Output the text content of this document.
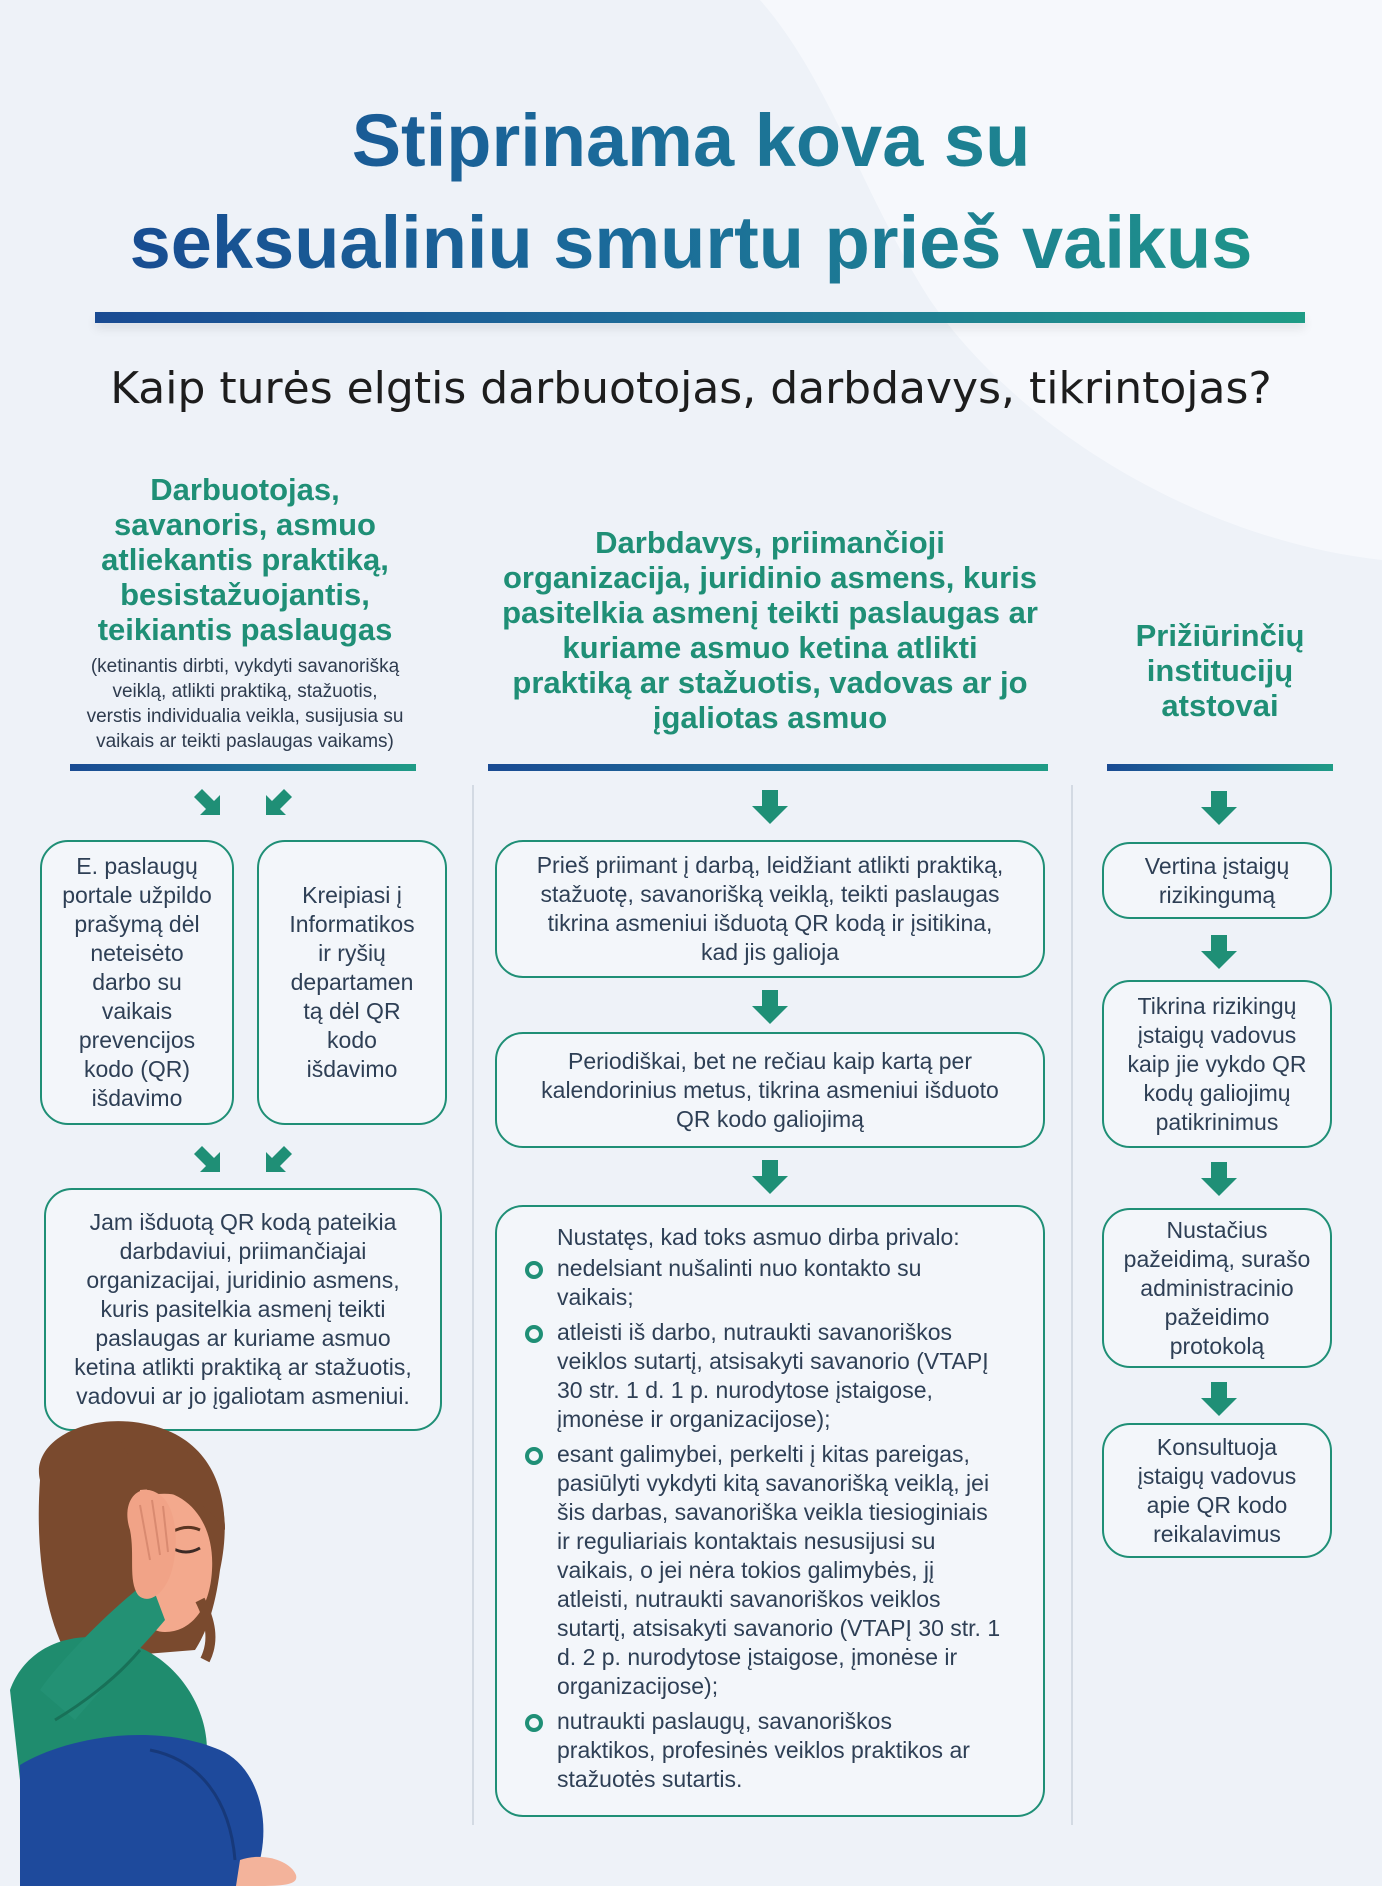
Stiprinama kova su
seksualiniu smurtu prieš vaikus
Kaip turės elgtis darbuotojas, darbdavys, tikrintojas?
Darbuotojas,
savanoris, asmuo
atliekantis praktiką,
besistažuojantis,
teikiantis paslaugas
(ketinantis dirbti, vykdyti savanorišką
veiklą, atlikti praktiką, stažuotis,
verstis individualia veikla, susijusia su
vaikais ar teikti paslaugas vaikams)
Darbdavys, priimančioji
organizacija, juridinio asmens, kuris
pasitelkia asmenį teikti paslaugas ar
kuriame asmuo ketina atlikti
praktiką ar stažuotis, vadovas ar jo
įgaliotas asmuo
Prižiūrinčių
institucijų
atstovai
E. paslaugų
portale užpildo
prašymą dėl
neteisėto
darbo su
vaikais
prevencijos
kodo (QR)
išdavimo
Kreipiasi į
Informatikos
ir ryšių
departamen
tą dėl QR
kodo
išdavimo
Jam išduotą QR kodą pateikia
darbdaviui, priimančiajai
organizacijai, juridinio asmens,
kuris pasitelkia asmenį teikti
paslaugas ar kuriame asmuo
ketina atlikti praktiką ar stažuotis,
vadovui ar jo įgaliotam asmeniui.
Prieš priimant į darbą, leidžiant atlikti praktiką,
stažuotę, savanorišką veiklą, teikti paslaugas
tikrina asmeniui išduotą QR kodą ir įsitikina,
kad jis galioja
Periodiškai, bet ne rečiau kaip kartą per
kalendorinius metus, tikrina asmeniui išduoto
QR kodo galiojimą
Nustatęs, kad toks asmuo dirba privalo:
nedelsiant nušalinti nuo kontakto su
vaikais;
atleisti iš darbo, nutraukti savanoriškos
veiklos sutartį, atsisakyti savanorio (VTAPĮ
30 str. 1 d. 1 p. nurodytose įstaigose,
įmonėse ir organizacijose);
esant galimybei, perkelti į kitas pareigas,
pasiūlyti vykdyti kitą savanorišką veiklą, jei
šis darbas, savanoriška veikla tiesioginiais
ir reguliariais kontaktais nesusijusi su
vaikais, o jei nėra tokios galimybės, jį
atleisti, nutraukti savanoriškos veiklos
sutartį, atsisakyti savanorio (VTAPĮ 30 str. 1
d. 2 p. nurodytose įstaigose, įmonėse ir
organizacijose);
nutraukti paslaugų, savanoriškos
praktikos, profesinės veiklos praktikos ar
stažuotės sutartis.
Vertina įstaigų
rizikingumą
Tikrina rizikingų
įstaigų vadovus
kaip jie vykdo QR
kodų galiojimų
patikrinimus
Nustačius
pažeidimą, surašo
administracinio
pažeidimo
protokolą
Konsultuoja
įstaigų vadovus
apie QR kodo
reikalavimus
